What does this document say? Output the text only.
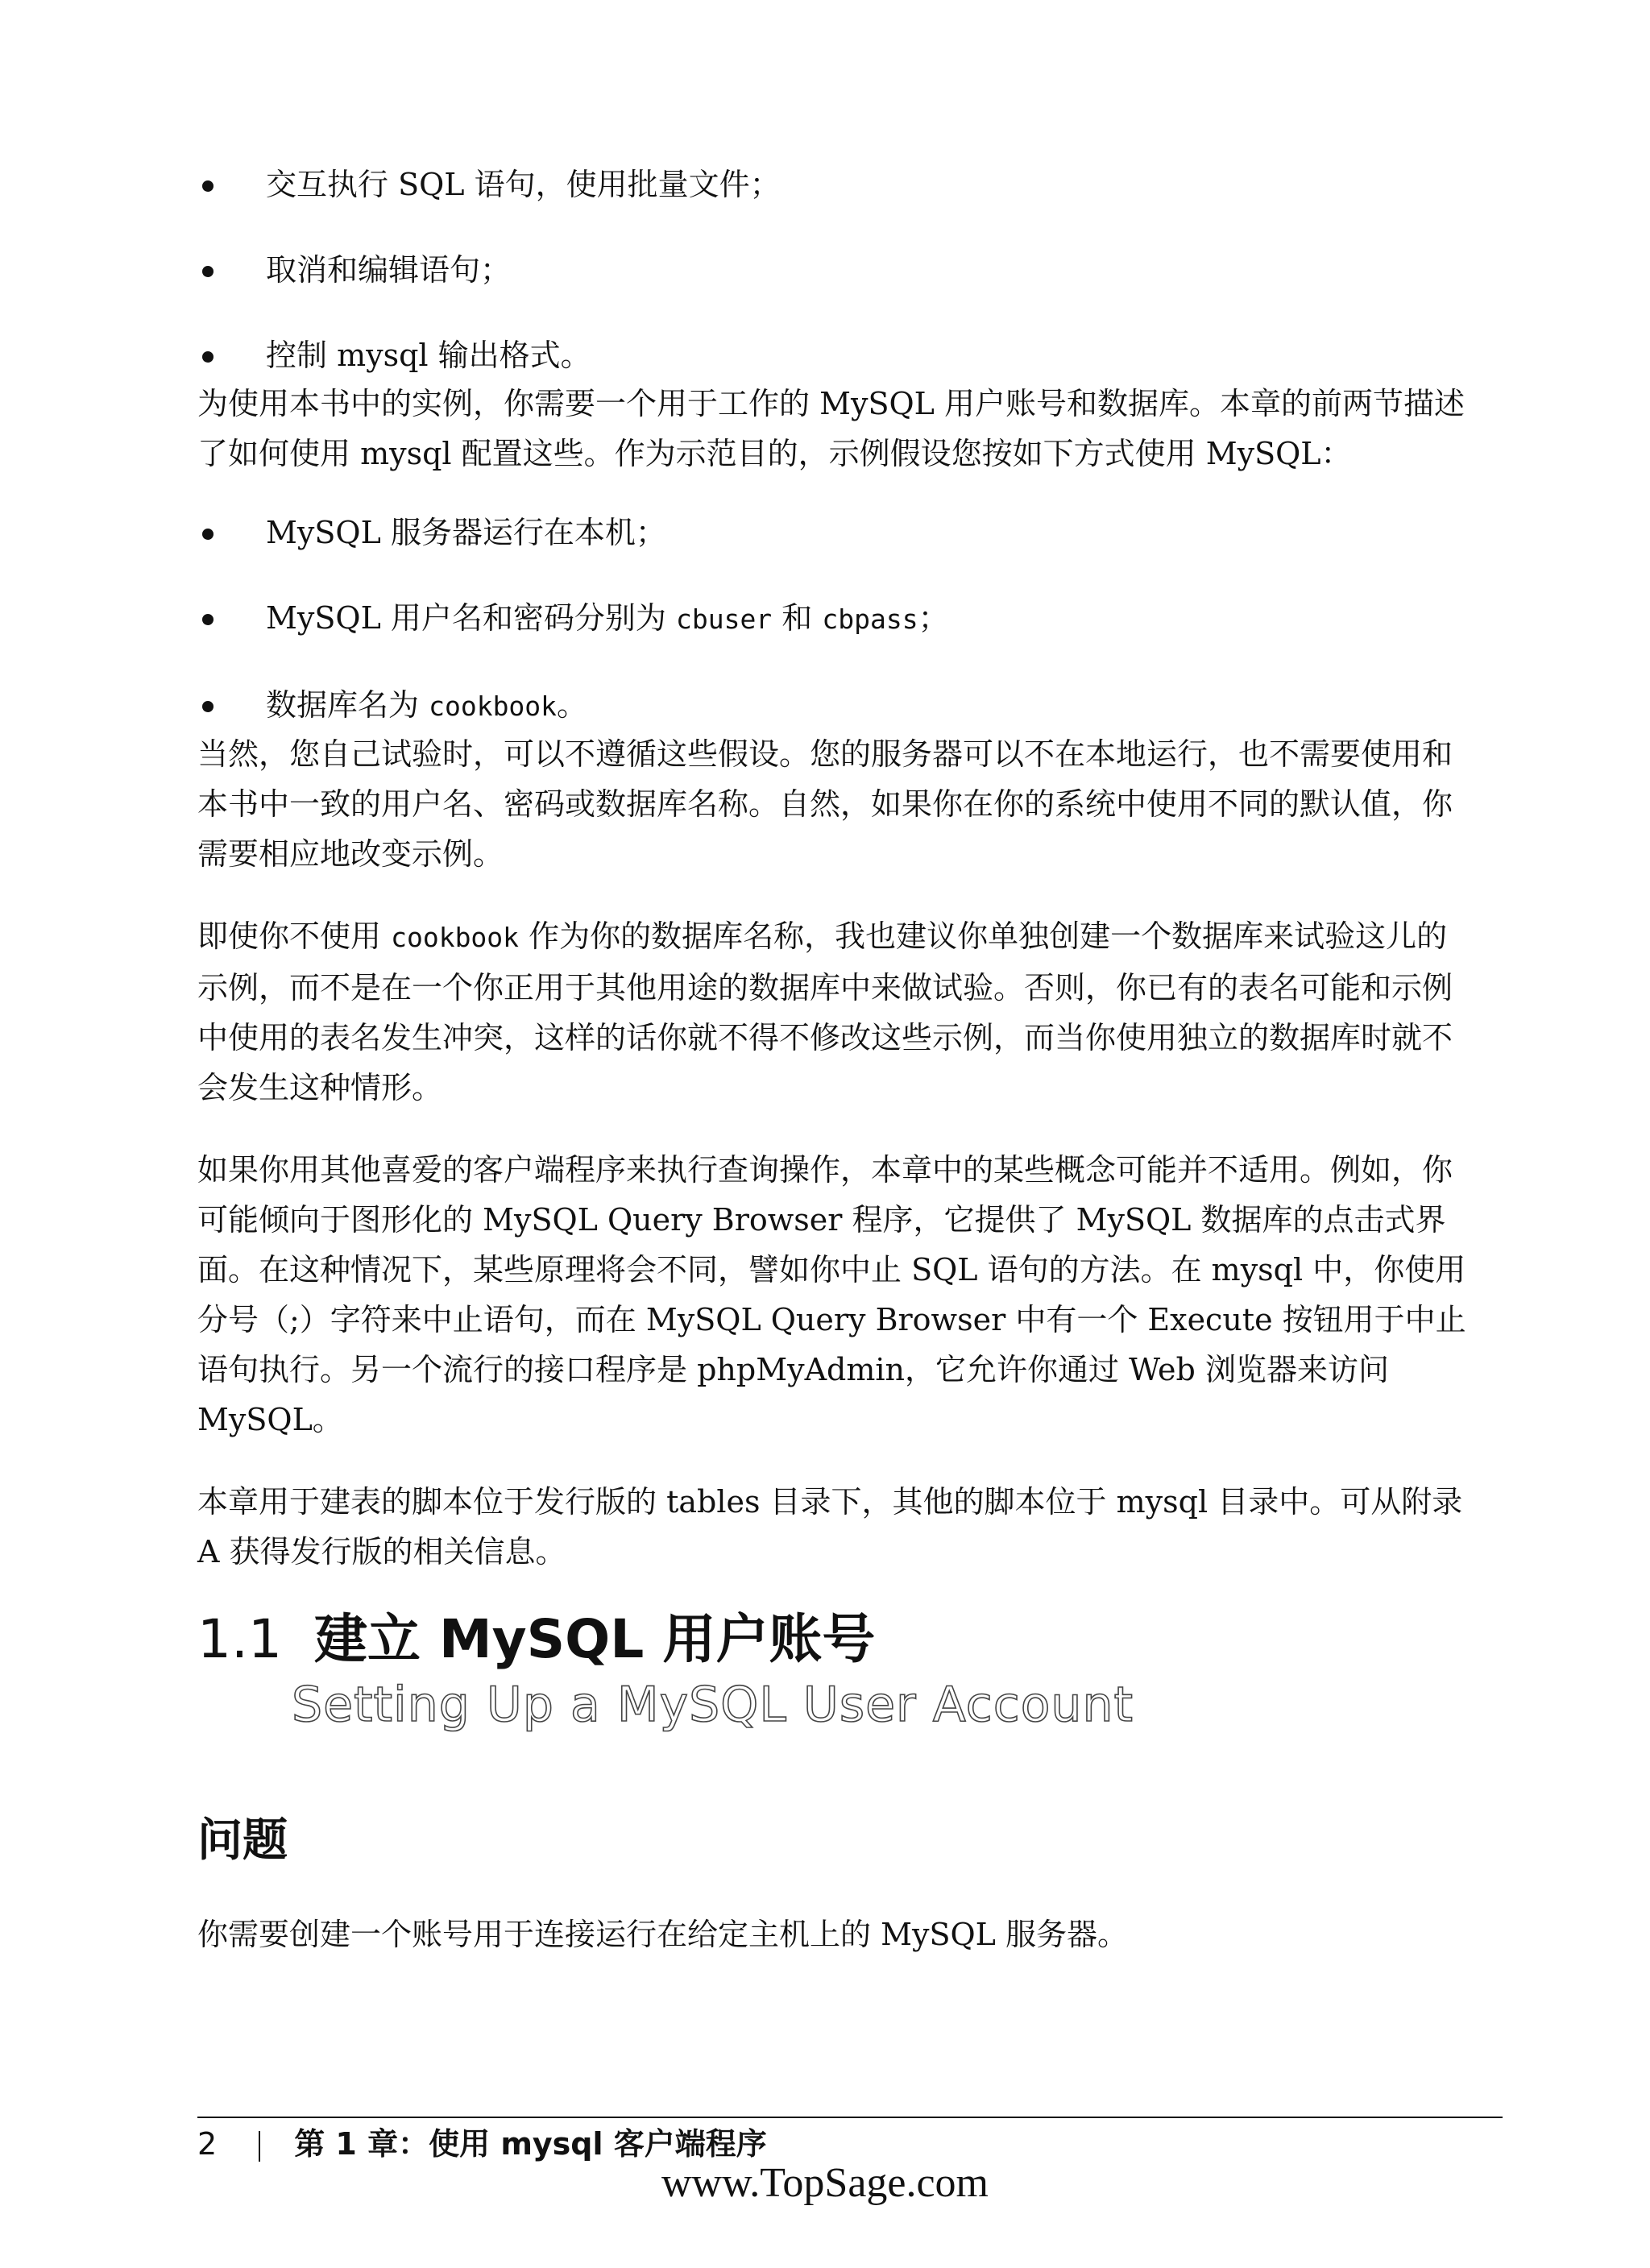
交互执行 SQL 语句，使用批量文件；
取消和编辑语句；
控制 mysql 输出格式。
为使用本书中的实例，你需要一个用于工作的 MySQL 用户账号和数据库。本章的前两节描述了如何使用 mysql 配置这些。作为示范目的，示例假设您按如下方式使用 MySQL：
MySQL 服务器运行在本机；
MySQL 用户名和密码分别为 cbuser 和 cbpass；
数据库名为 cookbook。

当然，您自己试验时，可以不遵循这些假设。您的服务器可以不在本地运行，也不需要使用和本书中一致的用户名、密码或数据库名称。自然，如果你在你的系统中使用不同的默认值，你需要相应地改变示例。

即使你不使用 cookbook 作为你的数据库名称，我也建议你单独创建一个数据库来试验这儿的示例，而不是在一个你正用于其他用途的数据库中来做试验。否则，你已有的表名可能和示例中使用的表名发生冲突，这样的话你就不得不修改这些示例，而当你使用独立的数据库时就不会发生这种情形。

如果你用其他喜爱的客户端程序来执行查询操作，本章中的某些概念可能并不适用。例如，你可能倾向于图形化的 MySQL Query Browser 程序，它提供了 MySQL 数据库的点击式界面。在这种情况下，某些原理将会不同，譬如你中止 SQL 语句的方法。在 mysql 中，你使用分号（;）字符来中止语句，而在 MySQL Query Browser 中有一个 Execute 按钮用于中止语句执行。另一个流行的接口程序是 phpMyAdmin，它允许你通过 Web 浏览器来访问 MySQL。

本章用于建表的脚本位于发行版的 tables 目录下，其他的脚本位于 mysql 目录中。可从附录 A 获得发行版的相关信息。

1.1 建立 MySQL 用户账号
Setting Up a MySQL User Account
问题
你需要创建一个账号用于连接运行在给定主机上的 MySQL 服务器。
2	第 1 章：使用 mysql 客户端程序
www.TopSage.com
